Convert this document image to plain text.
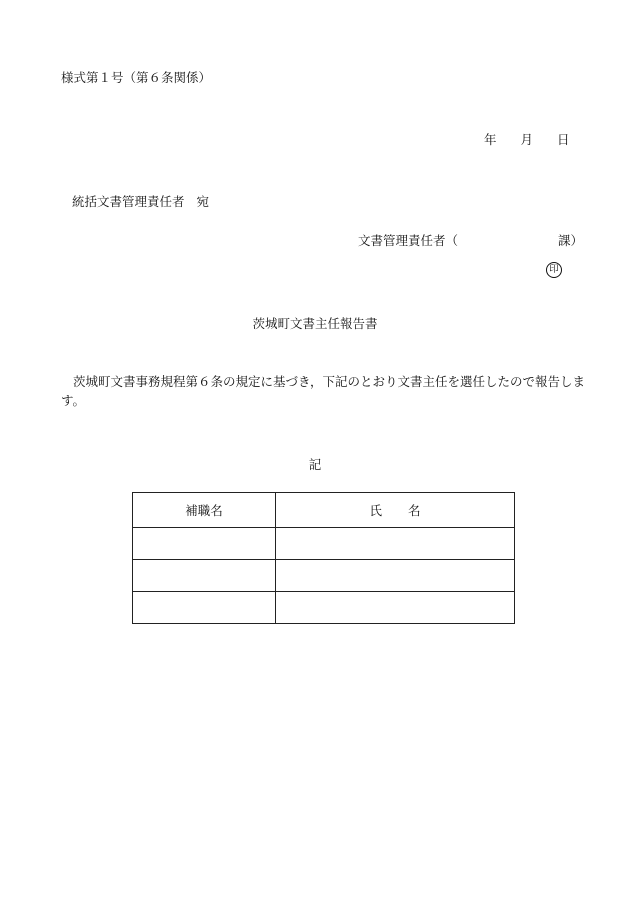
様式第１号（第６条関係）
年 月 日
統括文書管理責任者 宛
文書管理責任者（	課）
印
茨城町文書主任報告書
茨城町文書事務規程第６条の規定に基づき，下記のとおり文書主任を選任したので報告します。
記
補職名	氏 名
